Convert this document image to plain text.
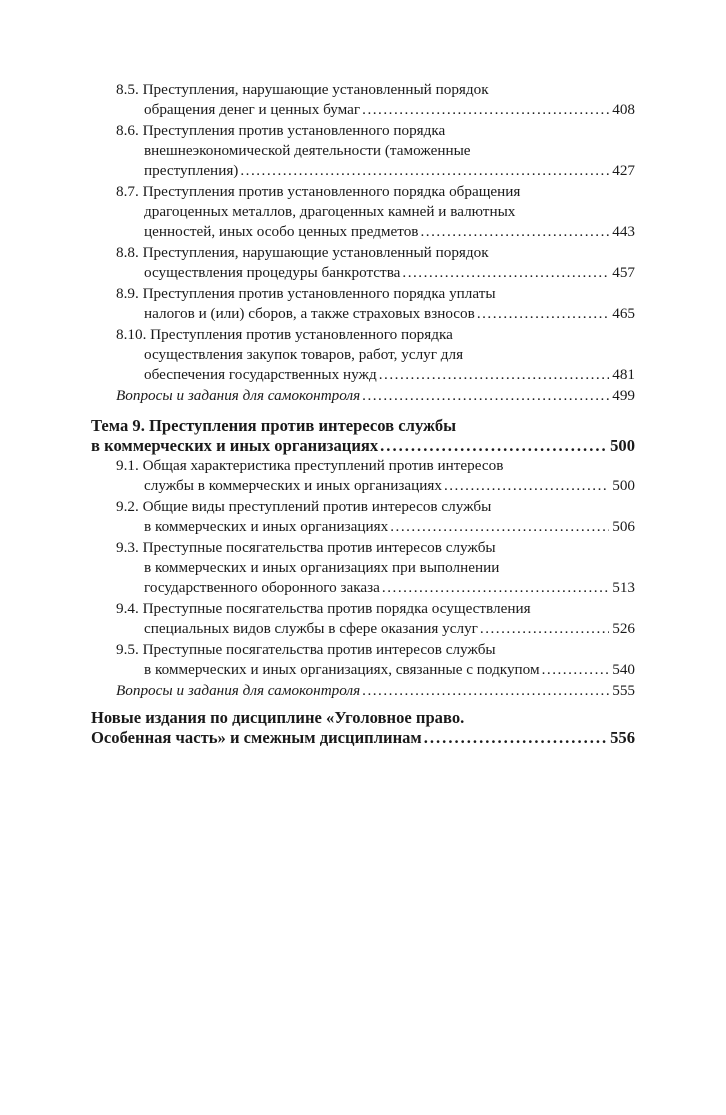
8.5. Преступления, нарушающие установленный порядок
обращения денег и ценных бумаг .....	408
8.6. Преступления против установленного порядка
внешнеэкономической деятельности (таможенные
преступления) .....	427
8.7. Преступления против установленного порядка обращения
драгоценных металлов, драгоценных камней и валютных
ценностей, иных особо ценных предметов .....	443
8.8. Преступления, нарушающие установленный порядок
осуществления процедуры банкротства .....	457
8.9. Преступления против установленного порядка уплаты
налогов и (или) сборов, а также страховых взносов .....	465
8.10. Преступления против установленного порядка
осуществления закупок товаров, работ, услуг для
обеспечения государственных нужд .....	481
Вопросы и задания для самоконтроля .....	499
Тема 9. Преступления против интересов службы
в коммерческих и иных организациях .....	500
9.1. Общая характеристика преступлений против интересов
службы в коммерческих и иных организациях .....	500
9.2. Общие виды преступлений против интересов службы
в коммерческих и иных организациях .....	506
9.3. Преступные посягательства против интересов службы
в коммерческих и иных организациях при выполнении
государственного оборонного заказа .....	513
9.4. Преступные посягательства против порядка осуществления
специальных видов службы в сфере оказания услуг .....	526
9.5. Преступные посягательства против интересов службы
в коммерческих и иных организациях, связанные с подкупом .....	540
Вопросы и задания для самоконтроля .....	555
Новые издания по дисциплине «Уголовное право.
Особенная часть» и смежным дисциплинам .....	556
